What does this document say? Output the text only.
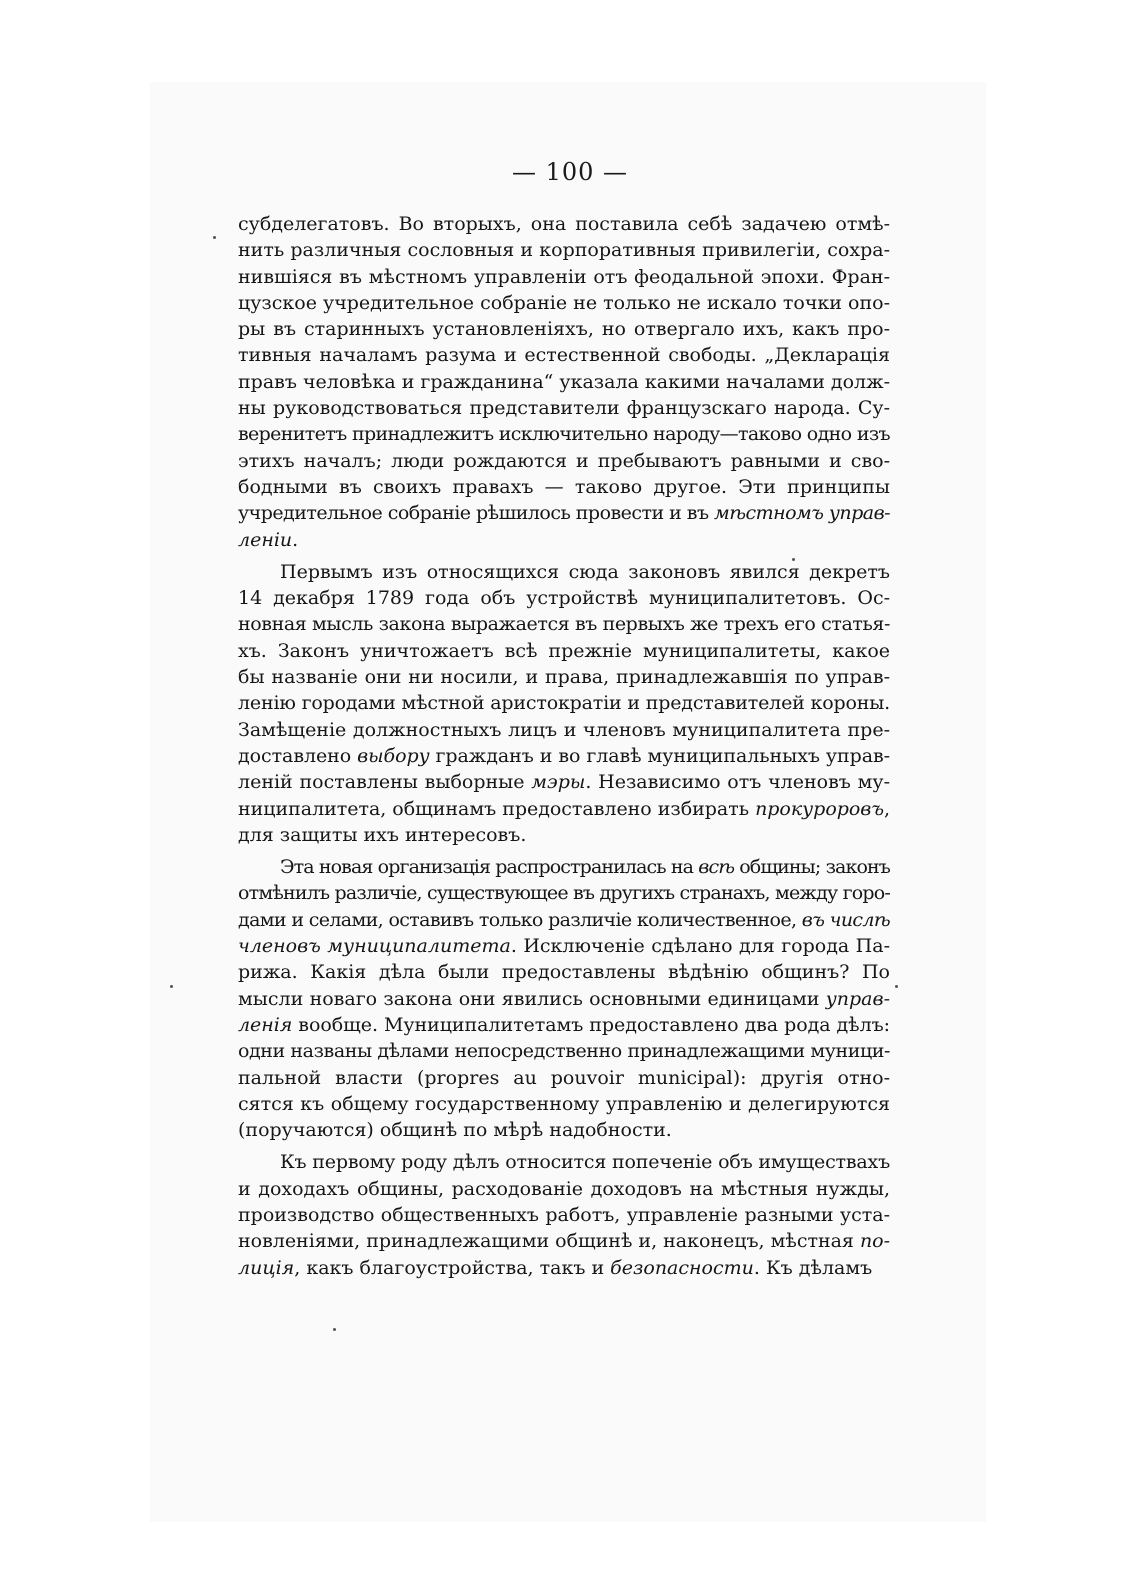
— 100 —
субделегатовъ. Во вторыхъ, она поставила себѣ задачею отмѣ-
нить различныя сословныя и корпоративныя привилегіи, сохра-
нившіяся въ мѣстномъ управленіи отъ феодальной эпохи. Фран-
цузское учредительное собраніе не только не искало точки опо-
ры въ старинныхъ установленіяхъ, но отвергало ихъ, какъ про-
тивныя началамъ разума и естественной свободы. „Декларація
правъ человѣка и гражданина“ указала какими началами долж-
ны руководствоваться представители французскаго народа. Су-
веренитетъ принадлежитъ исключительно народу—таково одно изъ
этихъ началъ; люди рождаются и пребываютъ равными и сво-
бодными въ своихъ правахъ — таково другое. Эти принципы
учредительное собраніе рѣшилось провести и въ мѣстномъ управ-
леніи.
Первымъ изъ относящихся сюда законовъ явился декретъ
14 декабря 1789 года объ устройствѣ муниципалитетовъ. Ос-
новная мысль закона выражается въ первыхъ же трехъ его статья-
хъ. Законъ уничтожаетъ всѣ прежніе муниципалитеты, какое
бы названіе они ни носили, и права, принадлежавшія по управ-
ленію городами мѣстной аристократіи и представителей короны.
Замѣщеніе должностныхъ лицъ и членовъ муниципалитета пре-
доставлено выбору гражданъ и во главѣ муниципальныхъ управ-
леній поставлены выборные мэры. Независимо отъ членовъ му-
ниципалитета, общинамъ предоставлено избирать прокуроровъ,
для защиты ихъ интересовъ.
Эта новая организація распространилась на всѣ общины; законъ
отмѣнилъ различіе, существующее въ другихъ странахъ, между горо-
дами и селами, оставивъ только различіе количественное, въ числѣ
членовъ муниципалитета. Исключеніе сдѣлано для города Па-
рижа. Какія дѣла были предоставлены вѣдѣнію общинъ? По
мысли новаго закона они явились основными единицами управ-
ленія вообще. Муниципалитетамъ предоставлено два рода дѣлъ:
одни названы дѣлами непосредственно принадлежащими муници-
пальной власти (propres au pouvoir municipal): другія отно-
сятся къ общему государственному управленію и делегируются
(поручаются) общинѣ по мѣрѣ надобности.
Къ первому роду дѣлъ относится попеченіе объ имуществахъ
и доходахъ общины, расходованіе доходовъ на мѣстныя нужды,
производство общественныхъ работъ, управленіе разными уста-
новленіями, принадлежащими общинѣ и, наконецъ, мѣстная по-
лиція, какъ благоустройства, такъ и безопасности. Къ дѣламъ
